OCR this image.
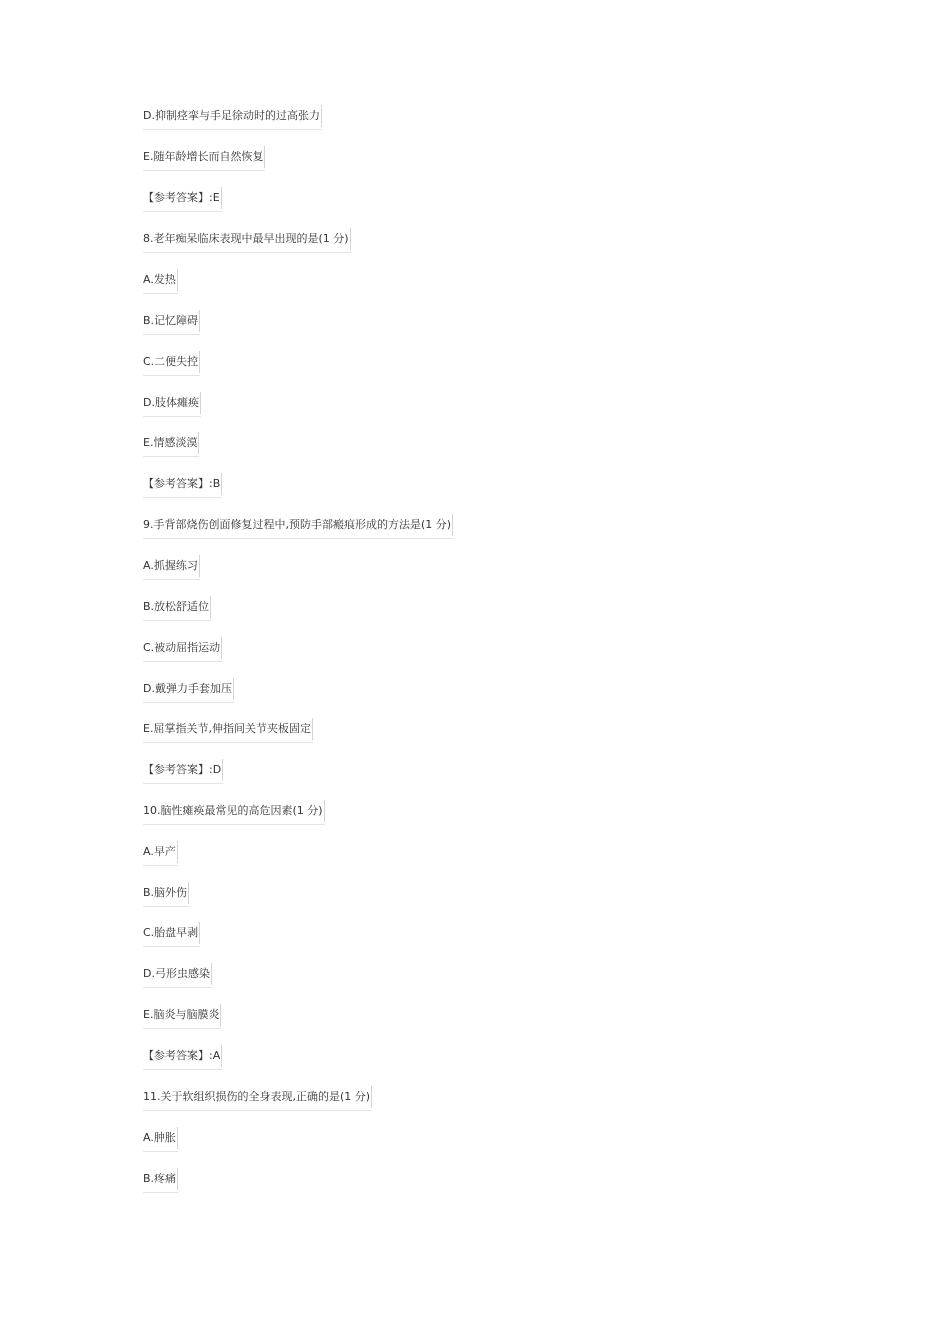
D.抑制痉挛与手足徐动时的过高张力
E.随年龄增长而自然恢复
【参考答案】:E
8.老年痴呆临床表现中最早出现的是(1 分)
A.发热
B.记忆障碍
C.二便失控
D.肢体瘫痪
E.情感淡漠
【参考答案】:B
9.手背部烧伤创面修复过程中,预防手部瘢痕形成的方法是(1 分)
A.抓握练习
B.放松舒适位
C.被动屈指运动
D.戴弹力手套加压
E.屈掌指关节,伸指间关节夹板固定
【参考答案】:D
10.脑性瘫痪最常见的高危因素(1 分)
A.早产
B.脑外伤
C.胎盘早剥
D.弓形虫感染
E.脑炎与脑膜炎
【参考答案】:A
11.关于软组织损伤的全身表现,正确的是(1 分)
A.肿胀
B.疼痛
